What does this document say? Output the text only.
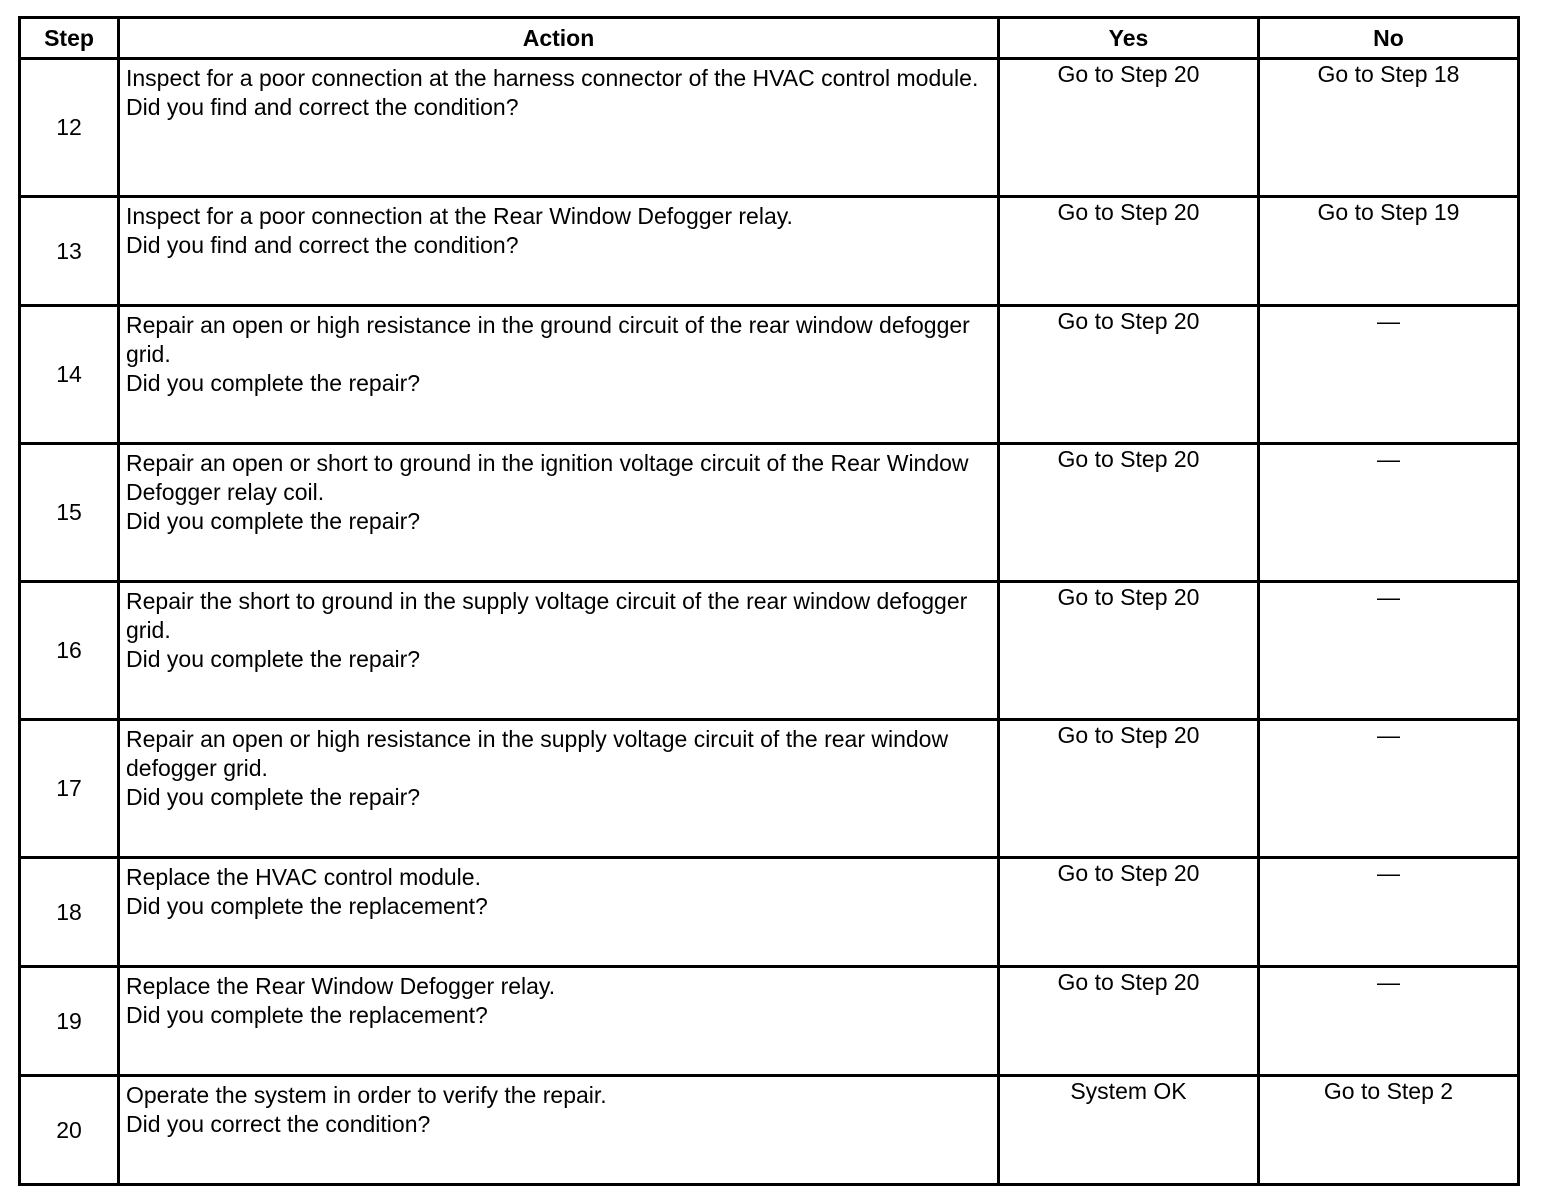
Step	Action	Yes	No

12	Inspect for a poor connection at the harness connector of the HVAC control module.
Did you find and correct the condition?	Go to Step 20	Go to Step 18

13	Inspect for a poor connection at the Rear Window Defogger relay.
Did you find and correct the condition?	Go to Step 20	Go to Step 19

14	Repair an open or high resistance in the ground circuit of the rear window defogger grid.
Did you complete the repair?	Go to Step 20	—

15	Repair an open or short to ground in the ignition voltage circuit of the Rear Window Defogger relay coil.
Did you complete the repair?	Go to Step 20	—

16	Repair the short to ground in the supply voltage circuit of the rear window defogger grid.
Did you complete the repair?	Go to Step 20	—

17	Repair an open or high resistance in the supply voltage circuit of the rear window defogger grid.
Did you complete the repair?	Go to Step 20	—

18	Replace the HVAC control module.
Did you complete the replacement?	Go to Step 20	—

19	Replace the Rear Window Defogger relay.
Did you complete the replacement?	Go to Step 20	—

20	Operate the system in order to verify the repair.
Did you correct the condition?	System OK	Go to Step 2
